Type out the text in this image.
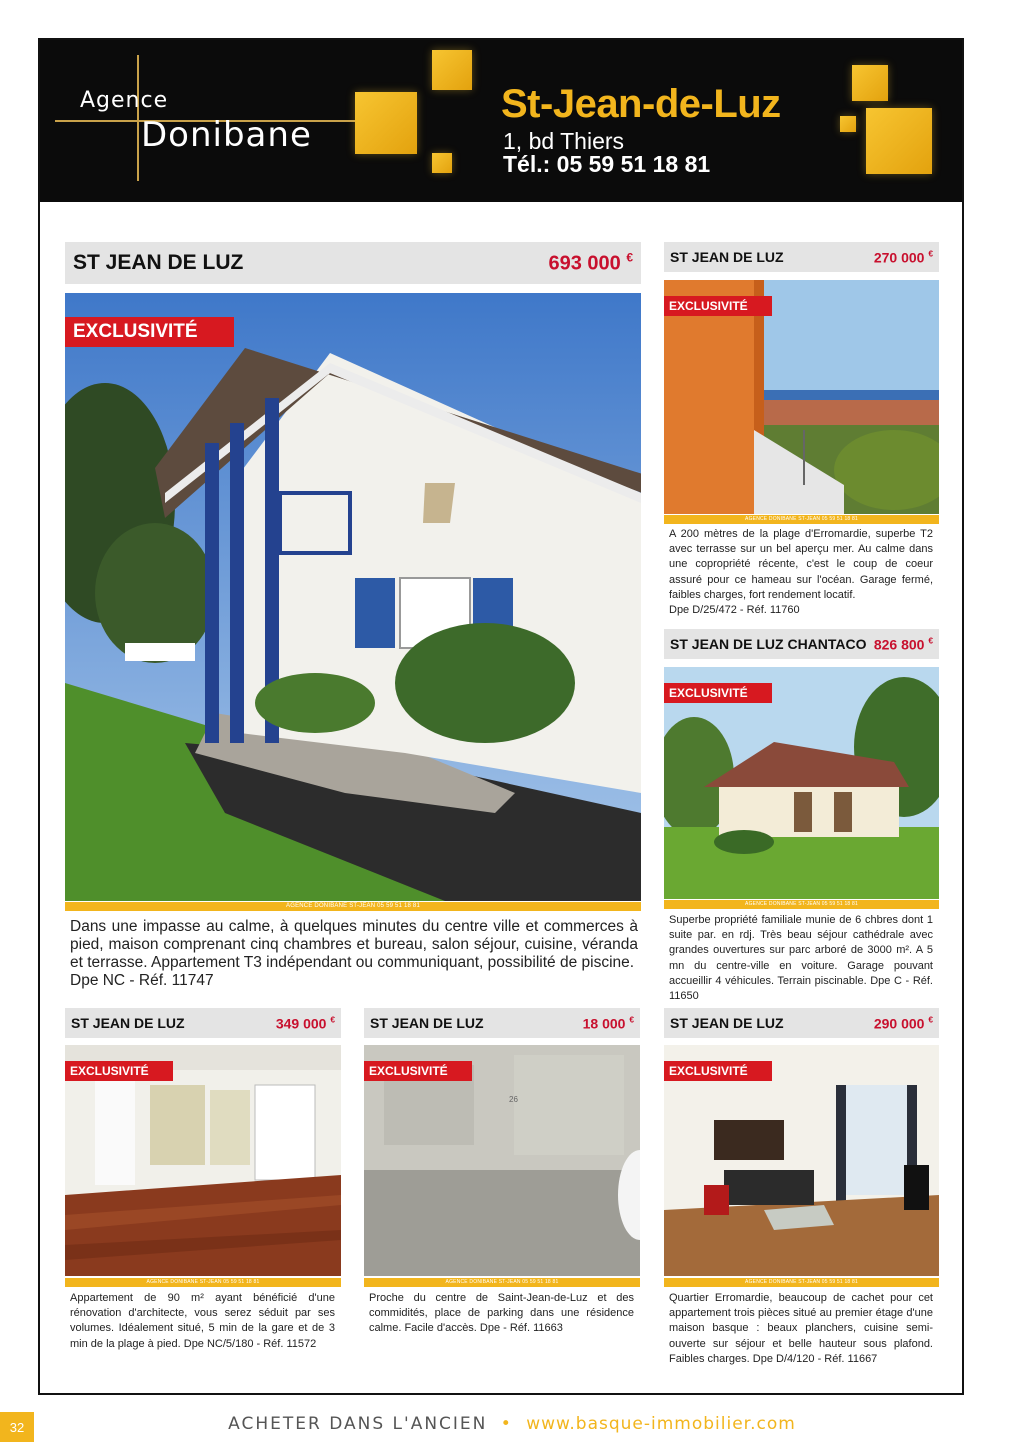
Agence
Donibane
St-Jean-de-Luz
1, bd Thiers
Tél.: 05 59 51 18 81
ST JEAN DE LUZ	693 000 €
EXCLUSIVITÉ
AGENCE DONIBANE ST-JEAN 05 59 51 18 81

Dans une impasse au calme, à quelques minutes du centre ville et commerces à pied, maison comprenant cinq chambres et bureau, salon séjour, cuisine, véranda et terrasse. Appartement T3 indépendant ou communiquant, possibilité de piscine.

Dpe NC - Réf. 11747

ST JEAN DE LUZ	270 000 €
EXCLUSIVITÉ
AGENCE DONIBANE ST-JEAN 05 59 51 18 81

A 200 mètres de la plage d'Erromardie, superbe T2 avec terrasse sur un bel aperçu mer. Au calme dans une copropriété récente, c'est le coup de coeur assuré pour ce hameau sur l'océan. Garage fermé, faibles charges, fort rendement locatif.

Dpe D/25/472 - Réf. 11760

ST JEAN DE LUZ CHANTACO 826 800 €
EXCLUSIVITÉ
AGENCE DONIBANE ST-JEAN 05 59 51 18 81

Superbe propriété familiale munie de 6 chbres dont 1 suite par. en rdj. Très beau séjour cathédrale avec grandes ouvertures sur parc arboré de 3000 m². A 5 mn du centre-ville en voiture. Garage pouvant accueillir 4 véhicules. Terrain piscinable. Dpe C - Réf. 11650

ST JEAN DE LUZ	349 000 €
EXCLUSIVITÉ
AGENCE DONIBANE ST-JEAN 05 59 51 18 81

Appartement de 90 m² ayant bénéficié d'une rénovation d'architecte, vous serez séduit par ses volumes. Idéalement situé, 5 min de la gare et de 3 min de la plage à pied. Dpe NC/5/180 - Réf. 11572

ST JEAN DE LUZ	18 000 €
26
EXCLUSIVITÉ
AGENCE DONIBANE ST-JEAN 05 59 51 18 81

Proche du centre de Saint-Jean-de-Luz et des commidités, place de parking dans une résidence calme. Facile d'accès. Dpe - Réf. 11663

ST JEAN DE LUZ	290 000 €
EXCLUSIVITÉ
AGENCE DONIBANE ST-JEAN 05 59 51 18 81

Quartier Erromardie, beaucoup de cachet pour cet appartement trois pièces situé au premier étage d'une maison basque : beaux planchers, cuisine semi-ouverte sur séjour et belle hauteur sous plafond. Faibles charges. Dpe D/4/120 - Réf. 11667

32	ACHETER DANS L'ANCIEN • www.basque-immobilier.com
